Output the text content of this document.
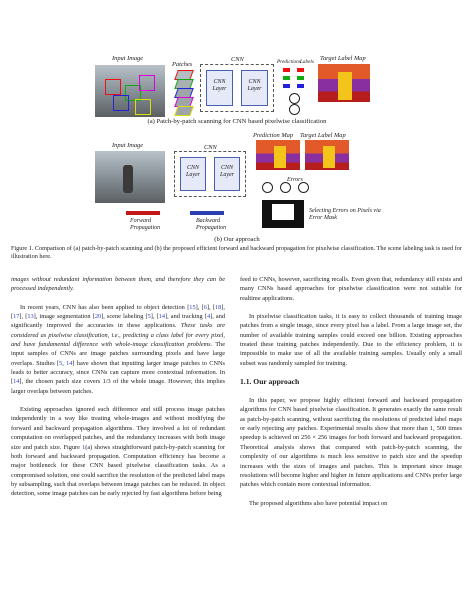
Input Image
Patches
CNN	Predictions Labels Target Label Map
CNN Layer
CNN Layer
(a) Patch-by-patch scanning for CNN based pixelwise classification
Prediction Map Target Label Map
Input Image	CNN
CNN Layer
CNN Layer
Errors
Forward Propagation
Backward Propagation
Selecting Errors on Pixels via Error Mask
(b) Our approach
Figure 1. Comparison of (a) patch-by-patch scanning and (b) the proposed efficient forward and backward propagation for pixelwise classification. The scene labeling task is used for illustration here.

images without redundant information between them, and therefore they can be processed independently.

In recent years, CNN has also been applied to object detection [15], [6], [18], [17], [13], image segmentation [20], scene labeling [5], [14], and tracking [4], and significantly improved the accuracies in these applications. These tasks are considered as pixelwise classification, i.e., predicting a class label for every pixel, and have fundamental difference with whole-image classification problems. The input samples of CNNs are image patches surrounding pixels and have large overlaps. Studies [5, 14] have shown that inputting larger image patches to CNNs leads to better accuracy, since CNNs can capture more contextual information. In [14], the chosen patch size covers 1/3 of the whole image. However, this implies larger overlaps between patches.

Existing approaches ignored such difference and still process image patches independently in a way like treating whole-images and without modifying the forward and backward propagation algorithms. They involved a lot of redundant computation on overlapped patches, and the redundancy increases with both image size and patch size. Figure 1(a) shows straightforward patch-by-patch scanning for both forward and backward propagation. Computation efficiency has become a major bottleneck for these CNN based pixelwise classification tasks. As a compromised solution, one could sacrifice the resolution of the predicted label maps by subsampling, such that overlaps between image patches can be reduced. In object detection, some image patches can be early rejected by fast algorithms before being

feed to CNNs, however, sacrificing recalls. Even given that, redundancy still exists and many CNNs based approaches for pixelwise classification were not suitable for realtime applications.

In pixelwise classification tasks, it is easy to collect thousands of training image patches from a single image, since every pixel has a label. From a large image set, the number of available training samples could exceed one billion. Existing approaches treated these training patches independently. Due to the efficiency problem, it is impossible to make use of all the available training samples. Usually only a small subset was randomly sampled for training.

1.1. Our approach

In this paper, we propose highly efficient forward and backward propagation algorithms for CNN based pixelwise classification. It generates exactly the same result as patch-by-patch scanning, without sacrificing the resolutions of predicted label maps or early rejecting any patches. Experimental results show that more than 1, 500 times speedup is achieved on 256 × 256 images for both forward and backward propagation. Theoretical analysis shows that compared with patch-by-patch scanning, the complexity of our algorithms is much less sensitive to patch size and the speedup increases with the sizes of images and patches. This is important since image resolutions will become higher and higher in future applications and CNNs prefer large patches which contain more contextual information.

The proposed algorithms also have potential impact on
